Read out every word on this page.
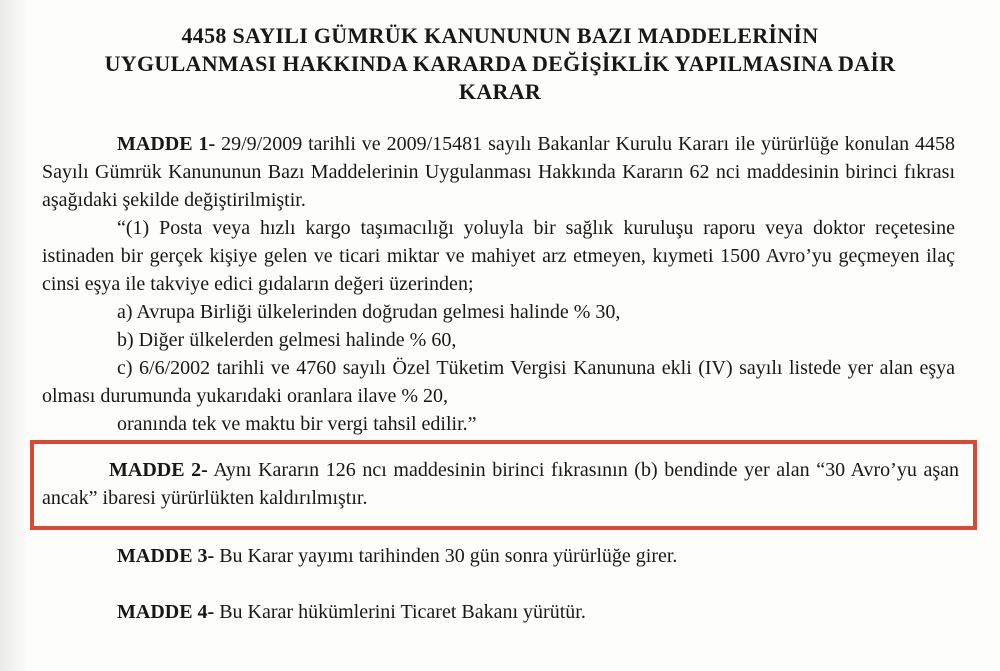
4458 SAYILI GÜMRÜK KANUNUNUN BAZI MADDELERİNİN
UYGULANMASI HAKKINDA KARARDA DEĞİŞİKLİK YAPILMASINA DAİR
KARAR

MADDE 1- 29/9/2009 tarihli ve 2009/15481 sayılı Bakanlar Kurulu Kararı ile yürürlüğe konulan 4458 Sayılı Gümrük Kanununun Bazı Maddelerinin Uygulanması Hakkında Kararın 62 nci maddesinin birinci fıkrası aşağıdaki şekilde değiştirilmiştir.

“(1) Posta veya hızlı kargo taşımacılığı yoluyla bir sağlık kuruluşu raporu veya doktor reçetesine istinaden bir gerçek kişiye gelen ve ticari miktar ve mahiyet arz etmeyen, kıymeti 1500 Avro’yu geçmeyen ilaç cinsi eşya ile takviye edici gıdaların değeri üzerinden;

a) Avrupa Birliği ülkelerinden doğrudan gelmesi halinde % 30,

b) Diğer ülkelerden gelmesi halinde % 60,

c) 6/6/2002 tarihli ve 4760 sayılı Özel Tüketim Vergisi Kanununa ekli (IV) sayılı listede yer alan eşya olması durumunda yukarıdaki oranlara ilave % 20,

oranında tek ve maktu bir vergi tahsil edilir.”

MADDE 2- Aynı Kararın 126 ncı maddesinin birinci fıkrasının (b) bendinde yer alan “30 Avro’yu aşan ancak” ibaresi yürürlükten kaldırılmıştır.

MADDE 3- Bu Karar yayımı tarihinden 30 gün sonra yürürlüğe girer.

MADDE 4- Bu Karar hükümlerini Ticaret Bakanı yürütür.
